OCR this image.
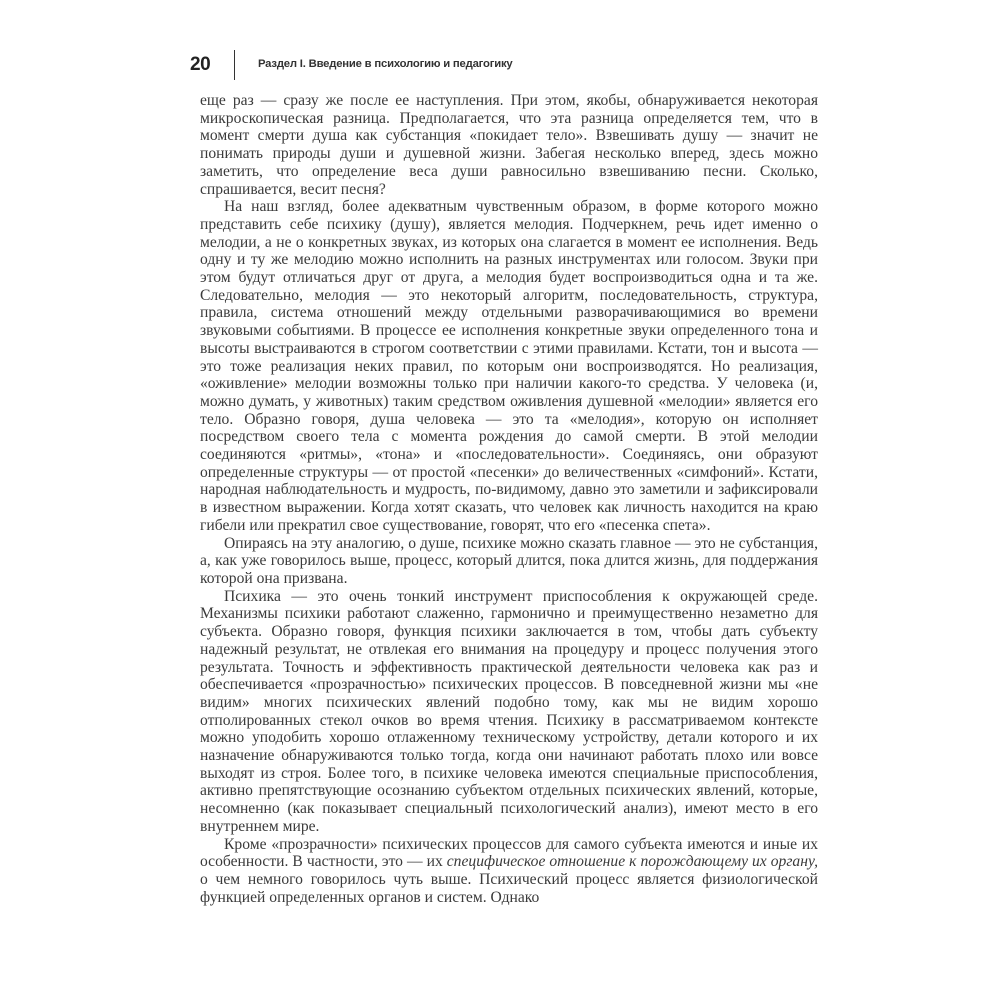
20	Раздел I. Введение в психологию и педагогику

еще раз — сразу же после ее наступления. При этом, якобы, обнаруживается некоторая микроскопическая разница. Предполагается, что эта разница определяется тем, что в момент смерти душа как субстанция «покидает тело». Взвешивать душу — значит не понимать природы души и душевной жизни. Забегая несколько вперед, здесь можно заметить, что определение веса души равносильно взвешиванию песни. Сколько, спрашивается, весит песня?

На наш взгляд, более адекватным чувственным образом, в форме которого можно представить себе психику (душу), является мелодия. Подчеркнем, речь идет именно о мелодии, а не о конкретных звуках, из которых она слагается в момент ее исполнения. Ведь одну и ту же мелодию можно исполнить на разных инструментах или голосом. Звуки при этом будут отличаться друг от друга, а мелодия будет воспроизводиться одна и та же. Следовательно, мелодия — это некоторый алгоритм, последовательность, структура, правила, система отношений между отдельными разворачивающимися во времени звуковыми событиями. В процессе ее исполнения конкретные звуки определенного тона и высоты выстраиваются в строгом соответствии с этими правилами. Кстати, тон и высота — это тоже реализация неких правил, по которым они воспроизводятся. Но реализация, «оживление» мелодии возможны только при наличии какого-то средства. У человека (и, можно думать, у животных) таким средством оживления душевной «мелодии» является его тело. Образно говоря, душа человека — это та «мелодия», которую он исполняет посредством своего тела с момента рождения до самой смерти. В этой мелодии соединяются «ритмы», «тона» и «последовательности». Соединяясь, они образуют определенные структуры — от простой «песенки» до величественных «симфоний». Кстати, народная наблюдательность и мудрость, по-видимому, давно это заметили и зафиксировали в известном выражении. Когда хотят сказать, что человек как личность находится на краю гибели или прекратил свое существование, говорят, что его «песенка спета».

Опираясь на эту аналогию, о душе, психике можно сказать главное — это не субстанция, а, как уже говорилось выше, процесс, который длится, пока длится жизнь, для поддержания которой она призвана.

Психика — это очень тонкий инструмент приспособления к окружающей среде. Механизмы психики работают слаженно, гармонично и преимущественно незаметно для субъекта. Образно говоря, функция психики заключается в том, чтобы дать субъекту надежный результат, не отвлекая его внимания на процедуру и процесс получения этого результата. Точность и эффективность практической деятельности человека как раз и обеспечивается «прозрачностью» психических процессов. В повседневной жизни мы «не видим» многих психических явлений подобно тому, как мы не видим хорошо отполированных стекол очков во время чтения. Психику в рассматриваемом контексте можно уподобить хорошо отлаженному техническому устройству, детали которого и их назначение обнаруживаются только тогда, когда они начинают работать плохо или вовсе выходят из строя. Более того, в психике человека имеются специальные приспособления, активно препятствующие осознанию субъектом отдельных психических явлений, которые, несомненно (как показывает специальный психологический анализ), имеют место в его внутреннем мире.

Кроме «прозрачности» психических процессов для самого субъекта имеются и иные их особенности. В частности, это — их специфическое отношение к порождающему их органу, о чем немного говорилось чуть выше. Психический процесс является физиологической функцией определенных органов и систем. Однако
